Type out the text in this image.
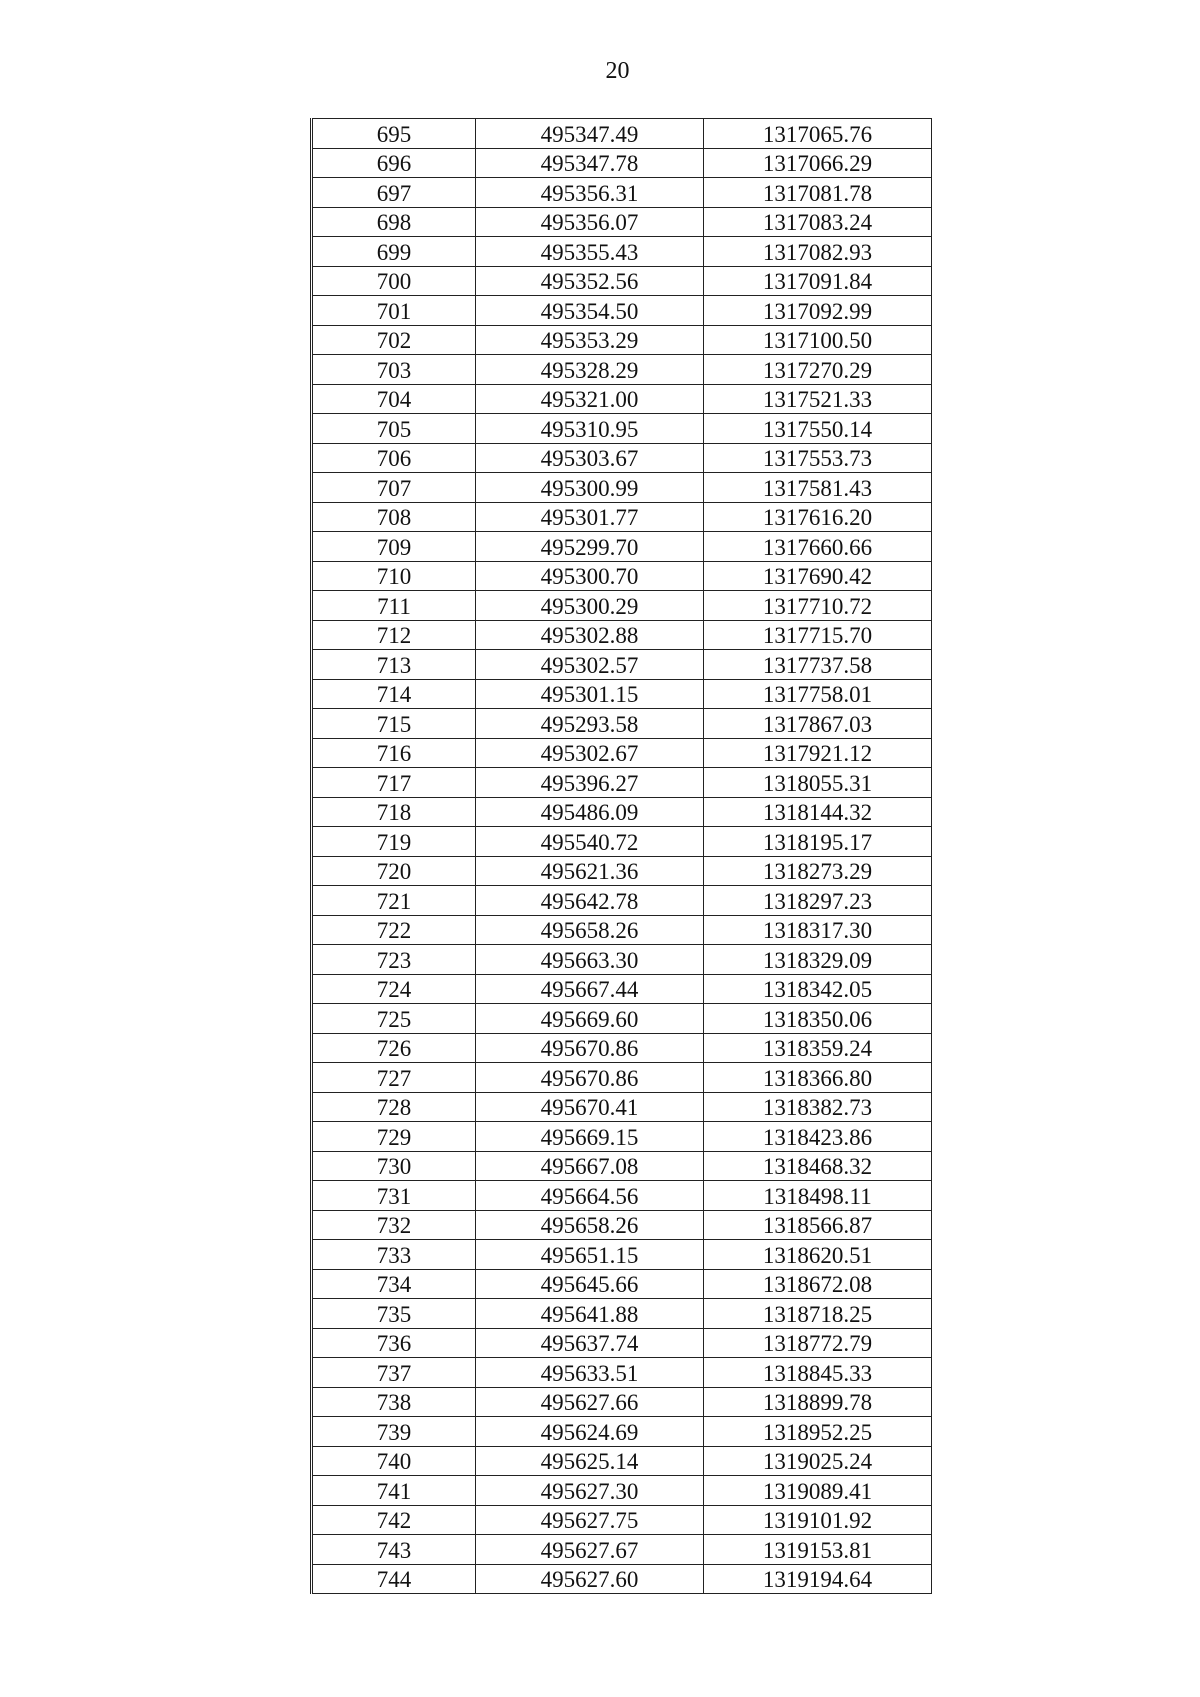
20
695	495347.49	1317065.76
696	495347.78	1317066.29
697	495356.31	1317081.78
698	495356.07	1317083.24
699	495355.43	1317082.93
700	495352.56	1317091.84
701	495354.50	1317092.99
702	495353.29	1317100.50
703	495328.29	1317270.29
704	495321.00	1317521.33
705	495310.95	1317550.14
706	495303.67	1317553.73
707	495300.99	1317581.43
708	495301.77	1317616.20
709	495299.70	1317660.66
710	495300.70	1317690.42
711	495300.29	1317710.72
712	495302.88	1317715.70
713	495302.57	1317737.58
714	495301.15	1317758.01
715	495293.58	1317867.03
716	495302.67	1317921.12
717	495396.27	1318055.31
718	495486.09	1318144.32
719	495540.72	1318195.17
720	495621.36	1318273.29
721	495642.78	1318297.23
722	495658.26	1318317.30
723	495663.30	1318329.09
724	495667.44	1318342.05
725	495669.60	1318350.06
726	495670.86	1318359.24
727	495670.86	1318366.80
728	495670.41	1318382.73
729	495669.15	1318423.86
730	495667.08	1318468.32
731	495664.56	1318498.11
732	495658.26	1318566.87
733	495651.15	1318620.51
734	495645.66	1318672.08
735	495641.88	1318718.25
736	495637.74	1318772.79
737	495633.51	1318845.33
738	495627.66	1318899.78
739	495624.69	1318952.25
740	495625.14	1319025.24
741	495627.30	1319089.41
742	495627.75	1319101.92
743	495627.67	1319153.81
744	495627.60	1319194.64
